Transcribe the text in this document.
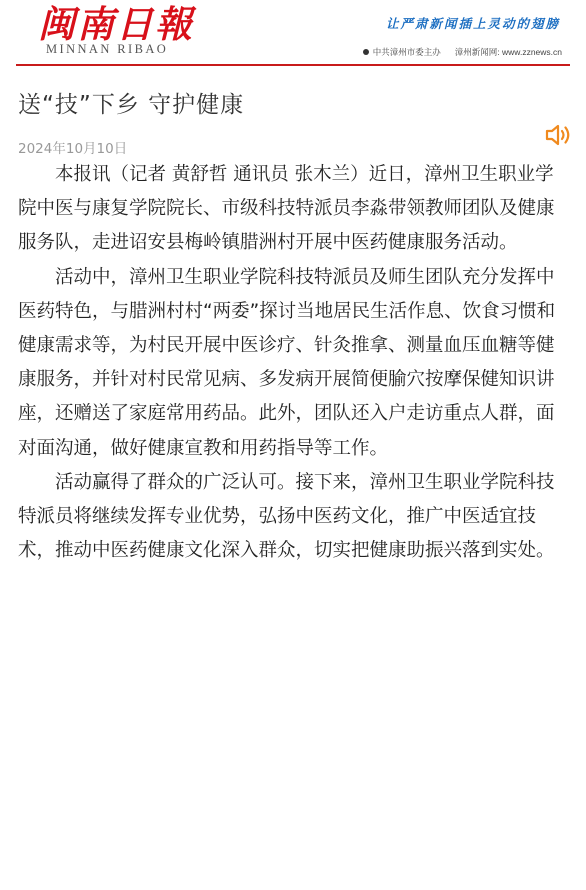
闽南日報
MINNAN RIBAO
让严肃新闻插上灵动的翅膀
中共漳州市委主办 漳州新闻网: www.zznews.cn
送“技”下乡 守护健康
2024年10月10日

本报讯（记者 黄舒哲 通讯员 张木兰）近日，漳州卫生职业学院中医与康复学院院长、市级科技特派员李淼带领教师团队及健康服务队，走进诏安县梅岭镇腊洲村开展中医药健康服务活动。

活动中，漳州卫生职业学院科技特派员及师生团队充分发挥中医药特色，与腊洲村村“两委”探讨当地居民生活作息、饮食习惯和健康需求等，为村民开展中医诊疗、针灸推拿、测量血压血糖等健康服务，并针对村民常见病、多发病开展简便腧穴按摩保健知识讲座，还赠送了家庭常用药品。此外，团队还入户走访重点人群，面对面沟通，做好健康宣教和用药指导等工作。

活动赢得了群众的广泛认可。接下来，漳州卫生职业学院科技特派员将继续发挥专业优势，弘扬中医药文化，推广中医适宜技术，推动中医药健康文化深入群众，切实把健康助振兴落到实处。
